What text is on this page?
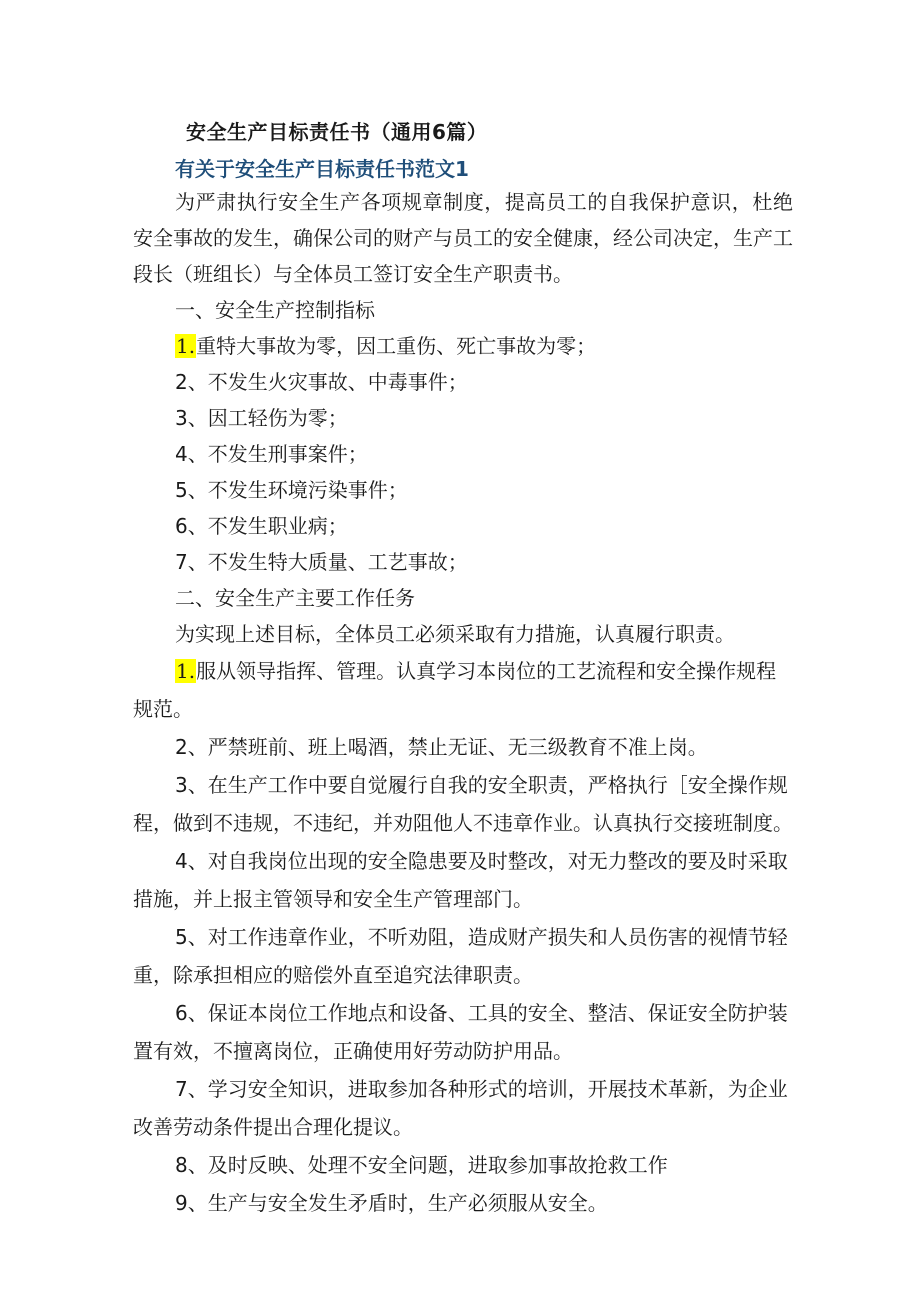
安全生产目标责任书（通用6篇）
有关于安全生产目标责任书范文1

为严肃执行安全生产各项规章制度，提高员工的自我保护意识，杜绝安全事故的发生，确保公司的财产与员工的安全健康，经公司决定，生产工段长（班组长）与全体员工签订安全生产职责书。

一、安全生产控制指标

1.重特大事故为零，因工重伤、死亡事故为零；

2、不发生火灾事故、中毒事件；

3、因工轻伤为零；

4、不发生刑事案件；

5、不发生环境污染事件；

6、不发生职业病；

7、不发生特大质量、工艺事故；

二、安全生产主要工作任务

为实现上述目标，全体员工必须采取有力措施，认真履行职责。

1.服从领导指挥、管理。认真学习本岗位的工艺流程和安全操作规程规范。

2、严禁班前、班上喝酒，禁止无证、无三级教育不准上岗。

3、在生产工作中要自觉履行自我的安全职责，严格执行［安全操作规程，做到不违规，不违纪，并劝阻他人不违章作业。认真执行交接班制度。

4、对自我岗位出现的安全隐患要及时整改，对无力整改的要及时采取措施，并上报主管领导和安全生产管理部门。

5、对工作违章作业，不听劝阻，造成财产损失和人员伤害的视情节轻重，除承担相应的赔偿外直至追究法律职责。

6、保证本岗位工作地点和设备、工具的安全、整洁、保证安全防护装置有效，不擅离岗位，正确使用好劳动防护用品。

7、学习安全知识，进取参加各种形式的培训，开展技术革新，为企业改善劳动条件提出合理化提议。

8、及时反映、处理不安全问题，进取参加事故抢救工作

9、生产与安全发生矛盾时，生产必须服从安全。
